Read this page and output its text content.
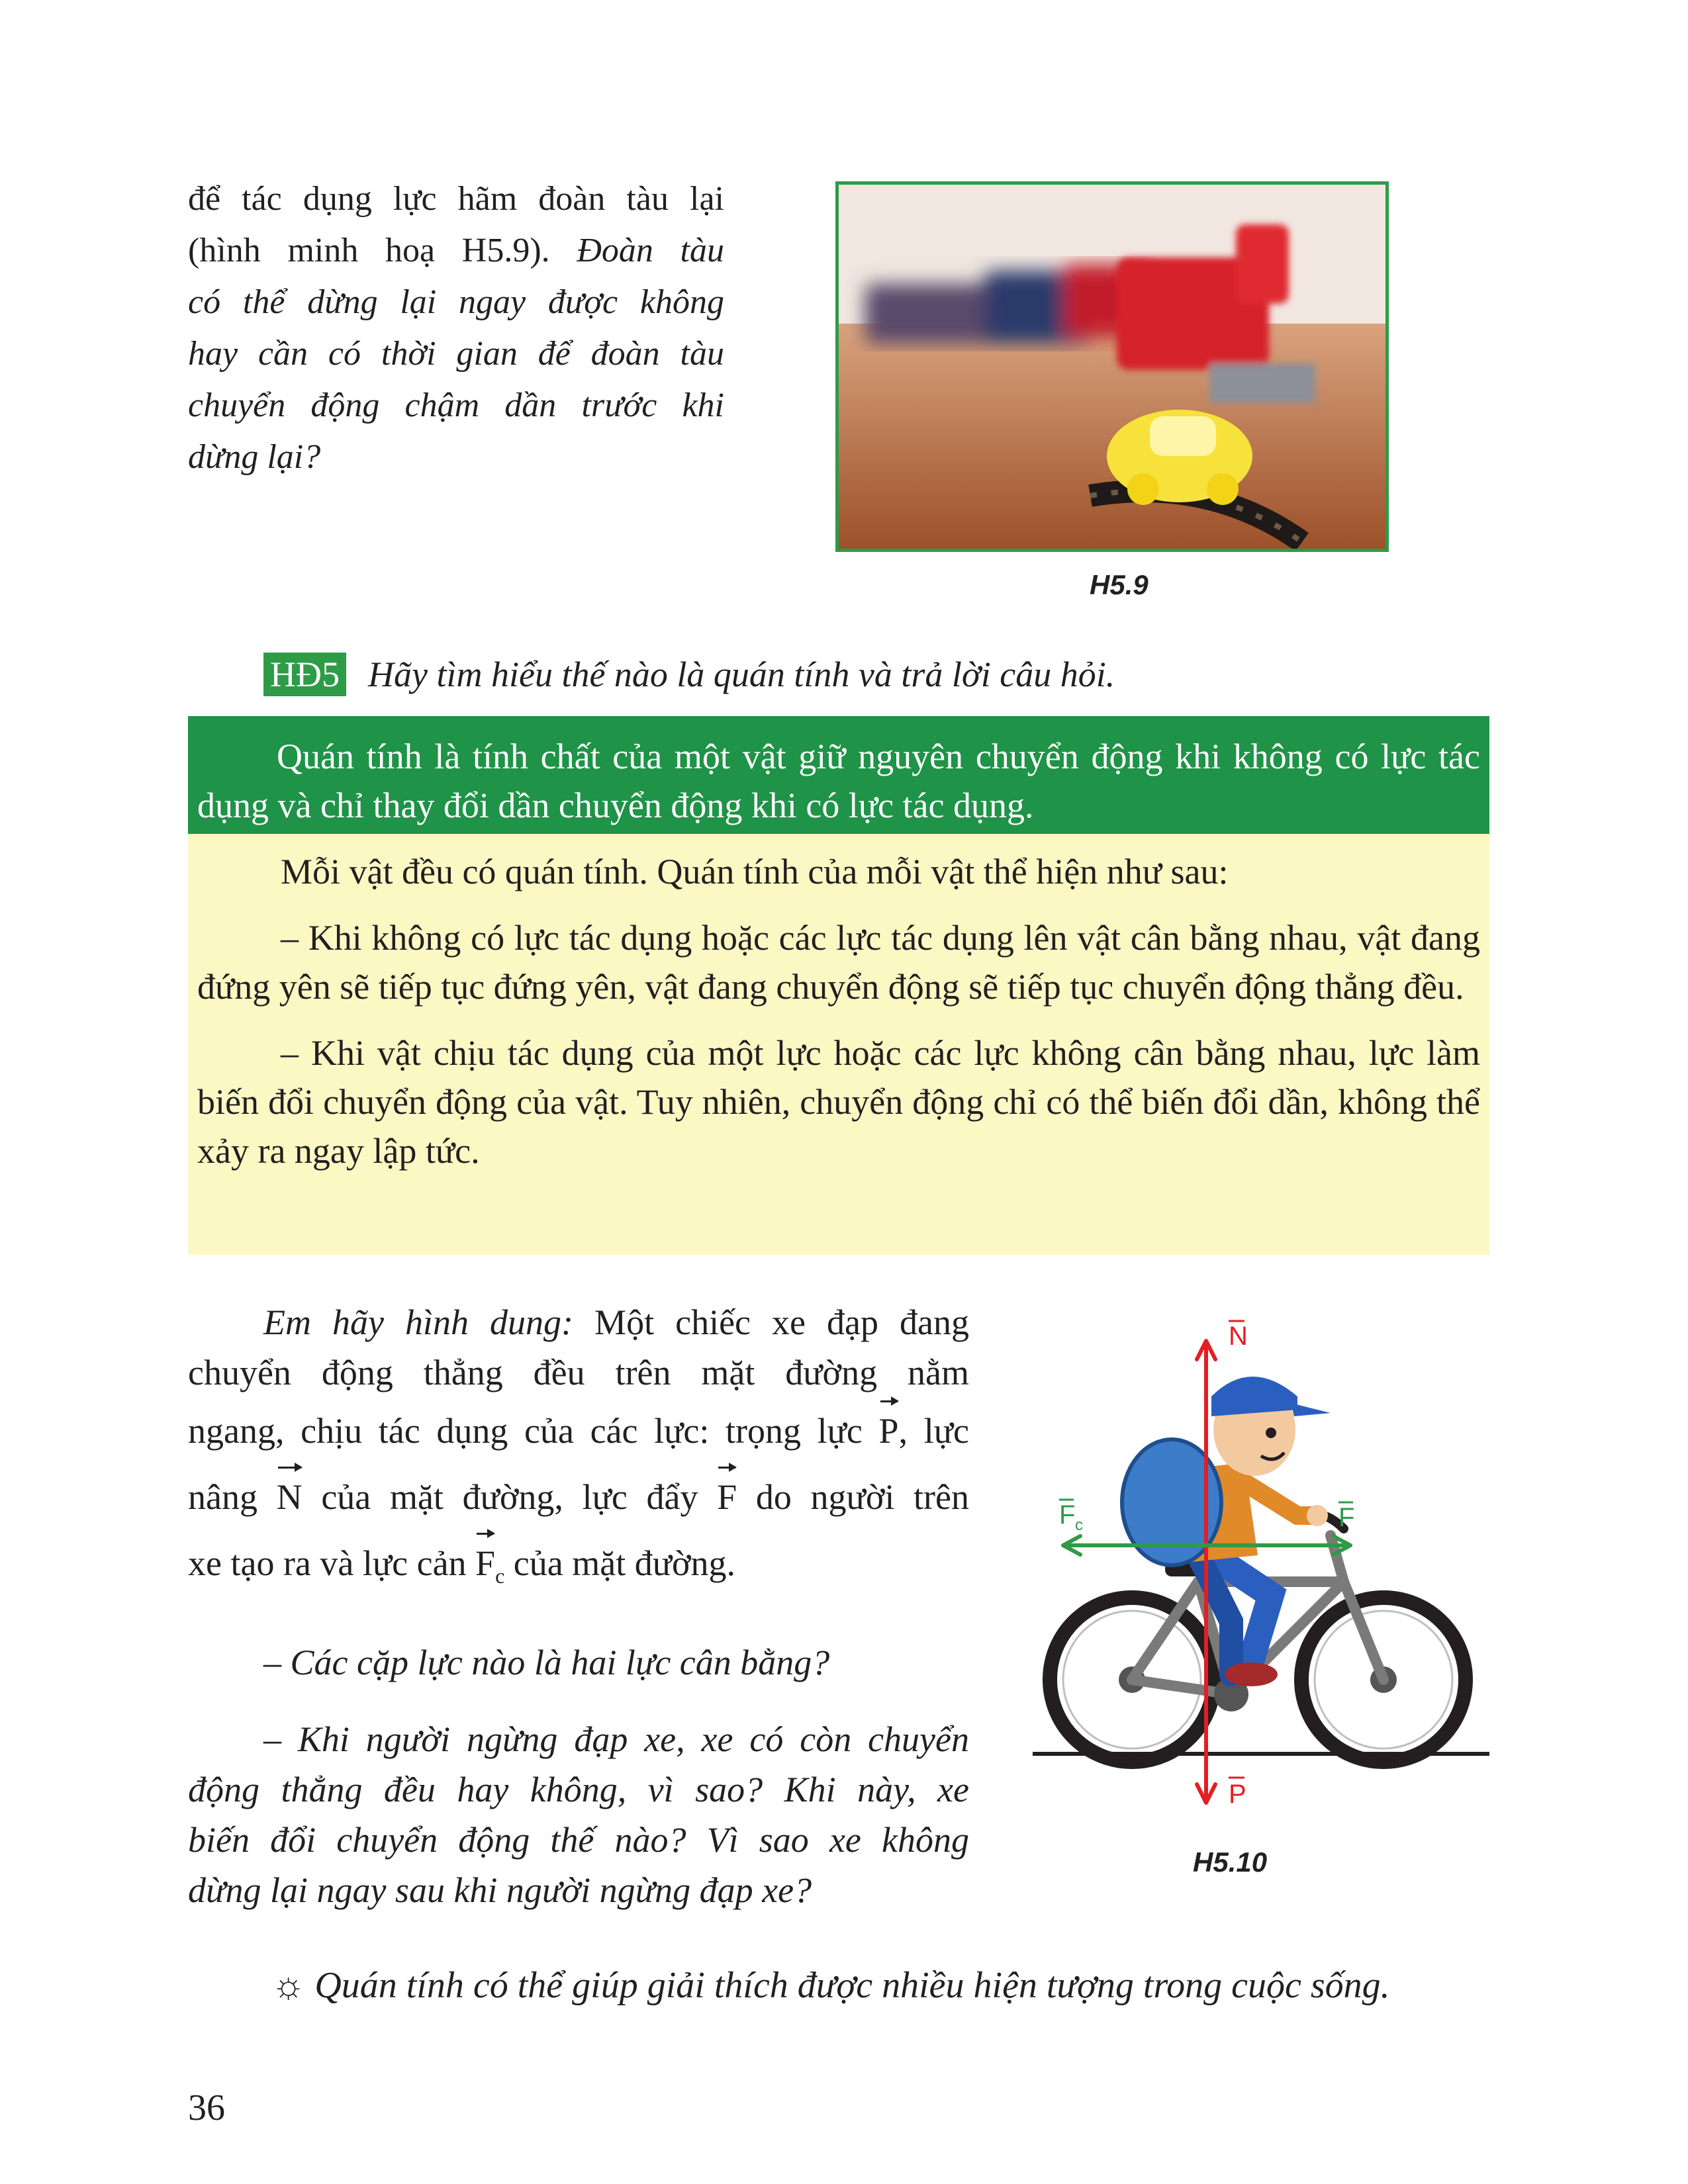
để tác dụng lực hãm đoàn tàu lại
(hình minh hoạ H5.9). Đoàn tàu
có thể dừng lại ngay được không
hay cần có thời gian để đoàn tàu
chuyển động chậm dần trước khi
dừng lại?
H5.9
HĐ5 Hãy tìm hiểu thế nào là quán tính và trả lời câu hỏi.

Quán tính là tính chất của một vật giữ nguyên chuyển động khi không có lực tác dụng và chỉ thay đổi dần chuyển động khi có lực tác dụng.

Mỗi vật đều có quán tính. Quán tính của mỗi vật thể hiện như sau:

– Khi không có lực tác dụng hoặc các lực tác dụng lên vật cân bằng nhau, vật đang đứng yên sẽ tiếp tục đứng yên, vật đang chuyển động sẽ tiếp tục chuyển động thẳng đều.

– Khi vật chịu tác dụng của một lực hoặc các lực không cân bằng nhau, lực làm biến đổi chuyển động của vật. Tuy nhiên, chuyển động chỉ có thể biến đổi dần, không thể xảy ra ngay lập tức.

Em hãy hình dung: Một chiếc xe đạp đang
chuyển động thẳng đều trên mặt đường nằm
ngang, chịu tác dụng của các lực: trọng lực P, lực
nâng N của mặt đường, lực đẩy F do người trên
xe tạo ra và lực cản $F_c$ của mặt đường.
– Các cặp lực nào là hai lực cân bằng?
– Khi người ngừng đạp xe, xe có còn chuyển
động thẳng đều hay không, vì sao? Khi này, xe
biến đổi chuyển động thế nào? Vì sao xe không
dừng lại ngay sau khi người ngừng đạp xe?
N
P
F c	F
H5.10
☼ Quán tính có thể giúp giải thích được nhiều hiện tượng trong cuộc sống.
36
